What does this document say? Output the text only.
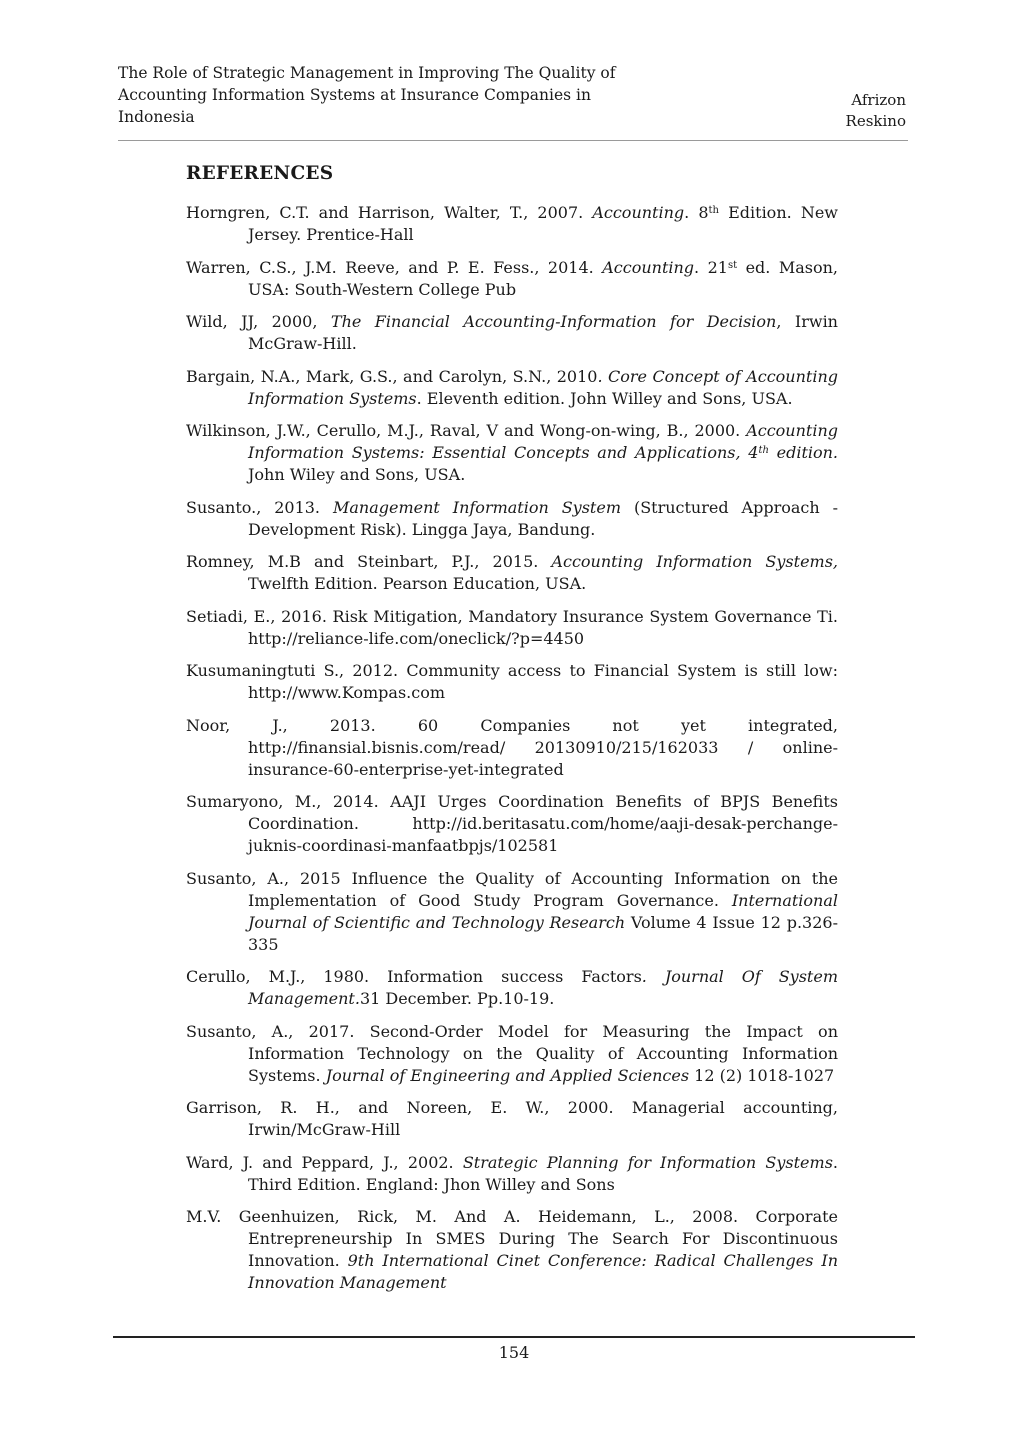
The Role of Strategic Management in Improving The Quality of Accounting Information Systems at Insurance Companies in Indonesia
Afrizon
Reskino
REFERENCES

Horngren, C.T. and Harrison, Walter, T., 2007. Accounting. 8th Edition. New Jersey. Prentice-Hall

Warren, C.S., J.M. Reeve, and P. E. Fess., 2014. Accounting. 21st ed. Mason, USA: South-Western College Pub

Wild, JJ, 2000, The Financial Accounting-Information for Decision, Irwin McGraw-Hill.

Bargain, N.A., Mark, G.S., and Carolyn, S.N., 2010. Core Concept of Accounting Information Systems. Eleventh edition. John Willey and Sons, USA.

Wilkinson, J.W., Cerullo, M.J., Raval, V and Wong-on-wing, B., 2000. Accounting Information Systems: Essential Concepts and Applications, 4th edition. John Wiley and Sons, USA.

Susanto., 2013. Management Information System (Structured Approach - Development Risk). Lingga Jaya, Bandung.

Romney, M.B and Steinbart, P.J., 2015. Accounting Information Systems, Twelfth Edition. Pearson Education, USA.

Setiadi, E., 2016. Risk Mitigation, Mandatory Insurance System Governance Ti. http://reliance-life.com/oneclick/?p=4450

Kusumaningtuti S., 2012. Community access to Financial System is still low: http://www.Kompas.com

Noor, J., 2013. 60 Companies not yet integrated, http://finansial.bisnis.com/read/ 20130910/215/162033 / online-insurance-60-enterprise-yet-integrated

Sumaryono, M., 2014. AAJI Urges Coordination Benefits of BPJS Benefits Coordination. http://id.beritasatu.com/home/aaji-desak-perchange-juknis-coordinasi-manfaatbpjs/102581

Susanto, A., 2015 Influence the Quality of Accounting Information on the Implementation of Good Study Program Governance. International Journal of Scientific and Technology Research Volume 4 Issue 12 p.326-335

Cerullo, M.J., 1980. Information success Factors. Journal Of System Management.31 December. Pp.10-19.

Susanto, A., 2017. Second-Order Model for Measuring the Impact on Information Technology on the Quality of Accounting Information Systems. Journal of Engineering and Applied Sciences 12 (2) 1018-1027

Garrison, R. H., and Noreen, E. W., 2000. Managerial accounting, Irwin/McGraw-Hill

Ward, J. and Peppard, J., 2002. Strategic Planning for Information Systems. Third Edition. England: Jhon Willey and Sons

M.V. Geenhuizen, Rick, M. And A. Heidemann, L., 2008. Corporate Entrepreneurship In SMES During The Search For Discontinuous Innovation. 9th International Cinet Conference: Radical Challenges In Innovation Management

154
